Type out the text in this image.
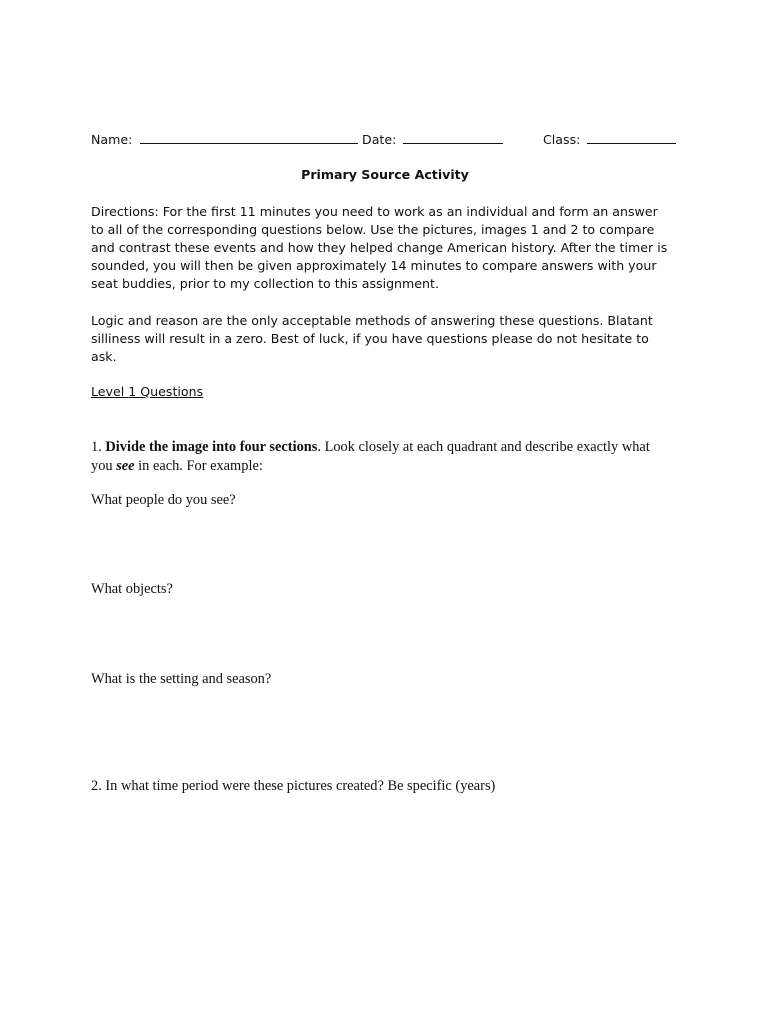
Name:	Date:	Class:
Primary Source Activity
Directions: For the first 11 minutes you need to work as an individual and form an answer
to all of the corresponding questions below. Use the pictures, images 1 and 2 to compare
and contrast these events and how they helped change American history. After the timer is
sounded, you will then be given approximately 14 minutes to compare answers with your
seat buddies, prior to my collection to this assignment.
Logic and reason are the only acceptable methods of answering these questions. Blatant
silliness will result in a zero. Best of luck, if you have questions please do not hesitate to
ask.
Level 1 Questions
1. Divide the image into four sections. Look closely at each quadrant and describe exactly what
you see in each. For example:
What people do you see?
What objects?
What is the setting and season?
2. In what time period were these pictures created? Be specific (years)
